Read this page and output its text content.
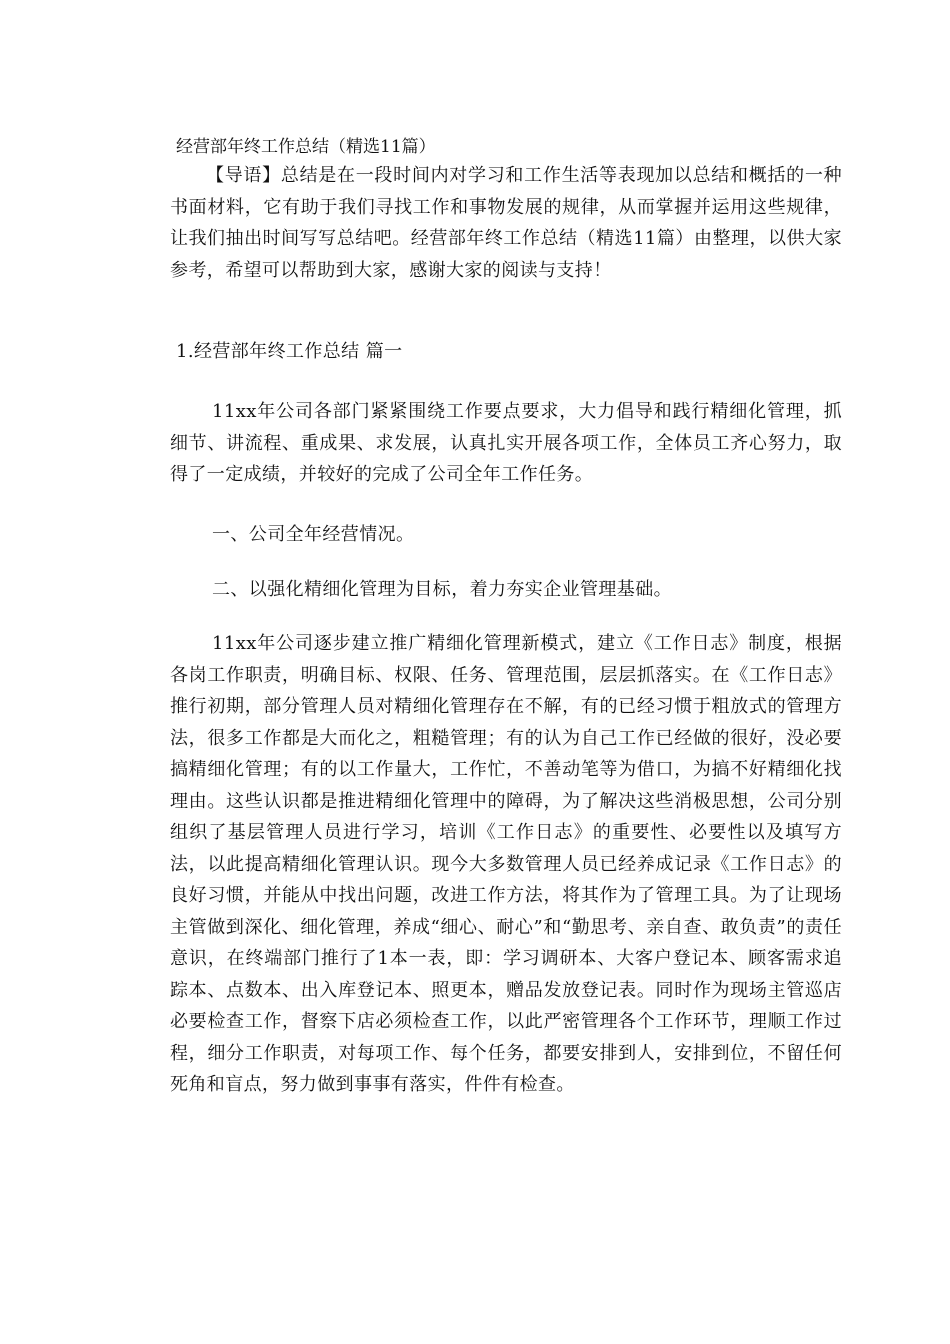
经营部年终工作总结（精选11篇）

【导语】总结是在一段时间内对学习和工作生活等表现加以总结和概括的一种书面材料，它有助于我们寻找工作和事物发展的规律，从而掌握并运用这些规律，让我们抽出时间写写总结吧。经营部年终工作总结（精选11篇）由整理，以供大家参考，希望可以帮助到大家，感谢大家的阅读与支持！

1.经营部年终工作总结 篇一

11xx年公司各部门紧紧围绕工作要点要求，大力倡导和践行精细化管理，抓细节、讲流程、重成果、求发展，认真扎实开展各项工作，全体员工齐心努力，取得了一定成绩，并较好的完成了公司全年工作任务。

一、公司全年经营情况。

二、以强化精细化管理为目标，着力夯实企业管理基础。

11xx年公司逐步建立推广精细化管理新模式，建立《工作日志》制度，根据各岗工作职责，明确目标、权限、任务、管理范围，层层抓落实。在《工作日志》推行初期，部分管理人员对精细化管理存在不解，有的已经习惯于粗放式的管理方法，很多工作都是大而化之，粗糙管理；有的认为自己工作已经做的很好，没必要搞精细化管理；有的以工作量大，工作忙，不善动笔等为借口，为搞不好精细化找理由。这些认识都是推进精细化管理中的障碍，为了解决这些消极思想，公司分别组织了基层管理人员进行学习，培训《工作日志》的重要性、必要性以及填写方法，以此提高精细化管理认识。现今大多数管理人员已经养成记录《工作日志》的良好习惯，并能从中找出问题，改进工作方法，将其作为了管理工具。为了让现场主管做到深化、细化管理，养成“细心、耐心”和“勤思考、亲自查、敢负责”的责任意识，在终端部门推行了1本一表，即：学习调研本、大客户登记本、顾客需求追踪本、点数本、出入库登记本、照更本，赠品发放登记表。同时作为现场主管巡店必要检查工作，督察下店必须检查工作，以此严密管理各个工作环节，理顺工作过程，细分工作职责，对每项工作、每个任务，都要安排到人，安排到位，不留任何死角和盲点，努力做到事事有落实，件件有检查。
